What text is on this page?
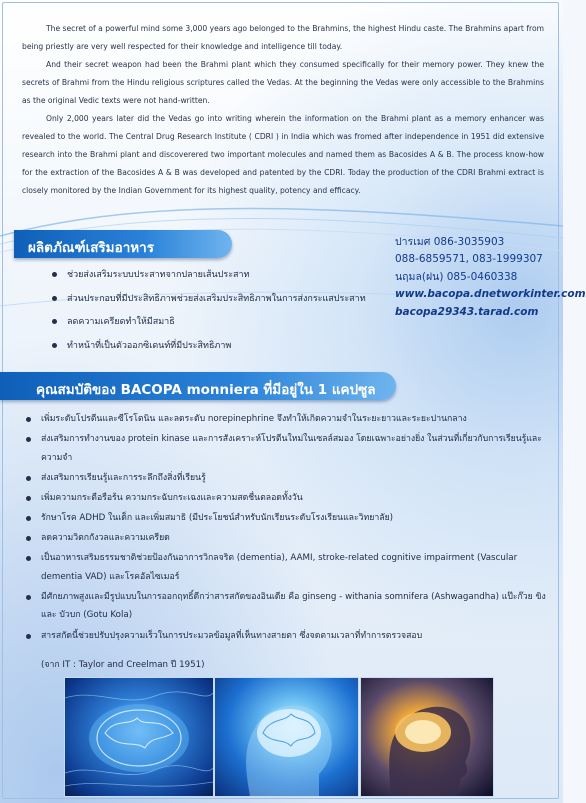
The secret of a powerful mind some 3,000 years ago belonged to the Brahmins, the highest Hindu caste. The Brahmins apart from being priestly are very well respected for their knowledge and intelligence till today.

And their secret weapon had been the Brahmi plant which they consumed specifically for their memory power. They knew the secrets of Brahmi from the Hindu religious scriptures called the Vedas. At the beginning the Vedas were only accessible to the Brahmins as the original Vedic texts were not hand-written.

Only 2,000 years later did the Vedas go into writing wherein the information on the Brahmi plant as a memory enhancer was revealed to the world. The Central Drug Research Institute ( CDRI ) in India which was fromed after independence in 1951 did extensive research into the Brahmi plant and discoverered two important molecules and named them as Bacosides A & B. The process know-how for the extraction of the Bacosides A & B was developed and patented by the CDRI. Today the production of the CDRI Brahmi extract is closely monitored by the Indian Government for its highest quality, potency and efficacy.

ผลิตภัณฑ์เสริมอาหาร	ปารเมศ 086-3035903
088-6859571, 083-1999307
นฤมล(ฝน) 085-0460338
www.bacopa.dnetworkinter.com
bacopa29343.tarad.com
ช่วยส่งเสริมระบบประสาทจากปลายเส้นประสาท
ส่วนประกอบที่มีประสิทธิภาพช่วยส่งเสริมประสิทธิภาพในการส่งกระแสประสาท
ลดความเครียดทำให้มีสมาธิ
ทำหน้าที่เป็นตัวออกซิเดนท์ที่มีประสิทธิภาพ
คุณสมบัติของ BACOPA monniera ที่มีอยู่ใน 1 แคปซูล
เพิ่มระดับโปรตีนและซีโรโตนิน และลดระดับ norepinephrine จึงทำให้เกิดความจำในระยะยาวและระยะปานกลาง
ส่งเสริมการทำงานของ protein kinase และการสังเคราะห์โปรตีนใหม่ในเซลล์สมอง โดยเฉพาะอย่างยิ่ง ในส่วนที่เกี่ยวกับการเรียนรู้และความจำ
ส่งเสริมการเรียนรู้และการระลึกถึงสิ่งที่เรียนรู้
เพิ่มความกระตือรือร้น ความกระฉับกระเฉงและความสดชื่นตลอดทั้งวัน
รักษาโรค ADHD ในเด็ก และเพิ่มสมาธิ (มีประโยชน์สำหรับนักเรียนระดับโรงเรียนและวิทยาลัย)
ลดความวิตกกังวลและความเครียด
เป็นอาหารเสริมธรรมชาติช่วยป้องกันอาการวิกลจริต (dementia), AAMI, stroke-related cognitive impairment (Vascular dementia VAD) และโรคอัลไซเมอร์
มีศักยภาพสูงและมีรูปแบบในการออกฤทธิ์ดีกว่าสารสกัดของอินเดีย คือ ginseng - withania somnifera (Ashwagandha) แป๊ะก๊วย ขิง และ บัวบก (Gotu Kola)
สารสกัดนี้ช่วยปรับปรุงความเร็วในการประมวลข้อมูลที่เห็นทางสายตา ซึ่งจดตามเวลาที่ทำการตรวจสอบ
(จาก IT : Taylor and Creelman ปี 1951)
